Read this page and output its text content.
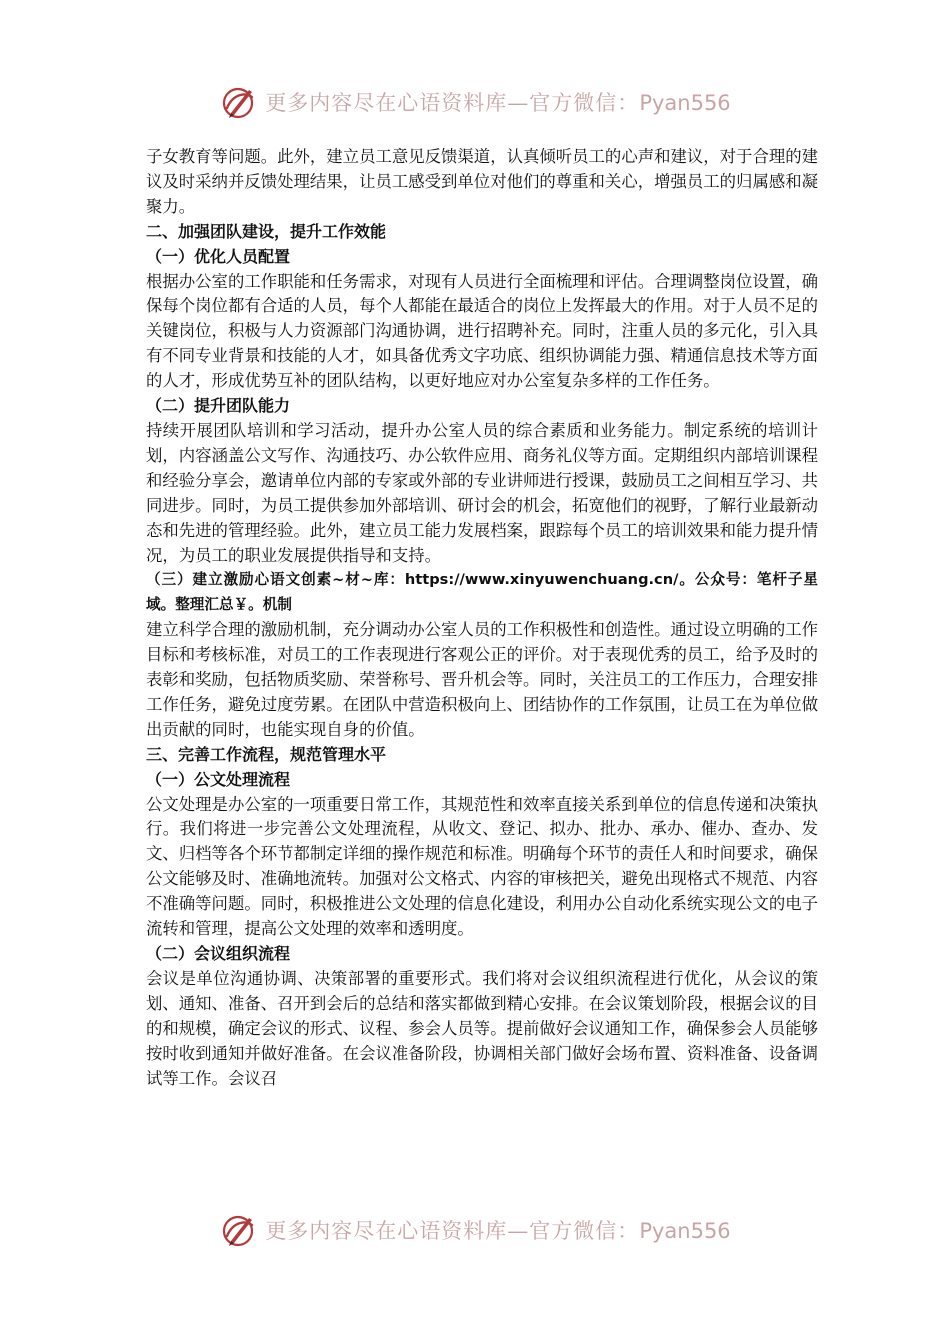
更多内容尽在心语资料库—官方微信：Pyan556

子女教育等问题。此外，建立员工意见反馈渠道，认真倾听员工的心声和建议，对于合理的建议及时采纳并反馈处理结果，让员工感受到单位对他们的尊重和关心，增强员工的归属感和凝聚力。

二、加强团队建设，提升工作效能

（一）优化人员配置

根据办公室的工作职能和任务需求，对现有人员进行全面梳理和评估。合理调整岗位设置，确保每个岗位都有合适的人员，每个人都能在最适合的岗位上发挥最大的作用。对于人员不足的关键岗位，积极与人力资源部门沟通协调，进行招聘补充。同时，注重人员的多元化，引入具有不同专业背景和技能的人才，如具备优秀文字功底、组织协调能力强、精通信息技术等方面的人才，形成优势互补的团队结构，以更好地应对办公室复杂多样的工作任务。

（二）提升团队能力

持续开展团队培训和学习活动，提升办公室人员的综合素质和业务能力。制定系统的培训计划，内容涵盖公文写作、沟通技巧、办公软件应用、商务礼仪等方面。定期组织内部培训课程和经验分享会，邀请单位内部的专家或外部的专业讲师进行授课，鼓励员工之间相互学习、共同进步。同时，为员工提供参加外部培训、研讨会的机会，拓宽他们的视野，了解行业最新动态和先进的管理经验。此外，建立员工能力发展档案，跟踪每个员工的培训效果和能力提升情况，为员工的职业发展提供指导和支持。

（三）建立激励心语文创素~材~库：https://www.xinyuwenchuang.cn/。公众号：笔杆子星域。整理汇总￥。机制

建立科学合理的激励机制，充分调动办公室人员的工作积极性和创造性。通过设立明确的工作目标和考核标准，对员工的工作表现进行客观公正的评价。对于表现优秀的员工，给予及时的表彰和奖励，包括物质奖励、荣誉称号、晋升机会等。同时，关注员工的工作压力，合理安排工作任务，避免过度劳累。在团队中营造积极向上、团结协作的工作氛围，让员工在为单位做出贡献的同时，也能实现自身的价值。

三、完善工作流程，规范管理水平

（一）公文处理流程

公文处理是办公室的一项重要日常工作，其规范性和效率直接关系到单位的信息传递和决策执行。我们将进一步完善公文处理流程，从收文、登记、拟办、批办、承办、催办、查办、发文、归档等各个环节都制定详细的操作规范和标准。明确每个环节的责任人和时间要求，确保公文能够及时、准确地流转。加强对公文格式、内容的审核把关，避免出现格式不规范、内容不准确等问题。同时，积极推进公文处理的信息化建设，利用办公自动化系统实现公文的电子流转和管理，提高公文处理的效率和透明度。

（二）会议组织流程

会议是单位沟通协调、决策部署的重要形式。我们将对会议组织流程进行优化，从会议的策划、通知、准备、召开到会后的总结和落实都做到精心安排。在会议策划阶段，根据会议的目的和规模，确定会议的形式、议程、参会人员等。提前做好会议通知工作，确保参会人员能够按时收到通知并做好准备。在会议准备阶段，协调相关部门做好会场布置、资料准备、设备调试等工作。会议召

更多内容尽在心语资料库—官方微信：Pyan556
